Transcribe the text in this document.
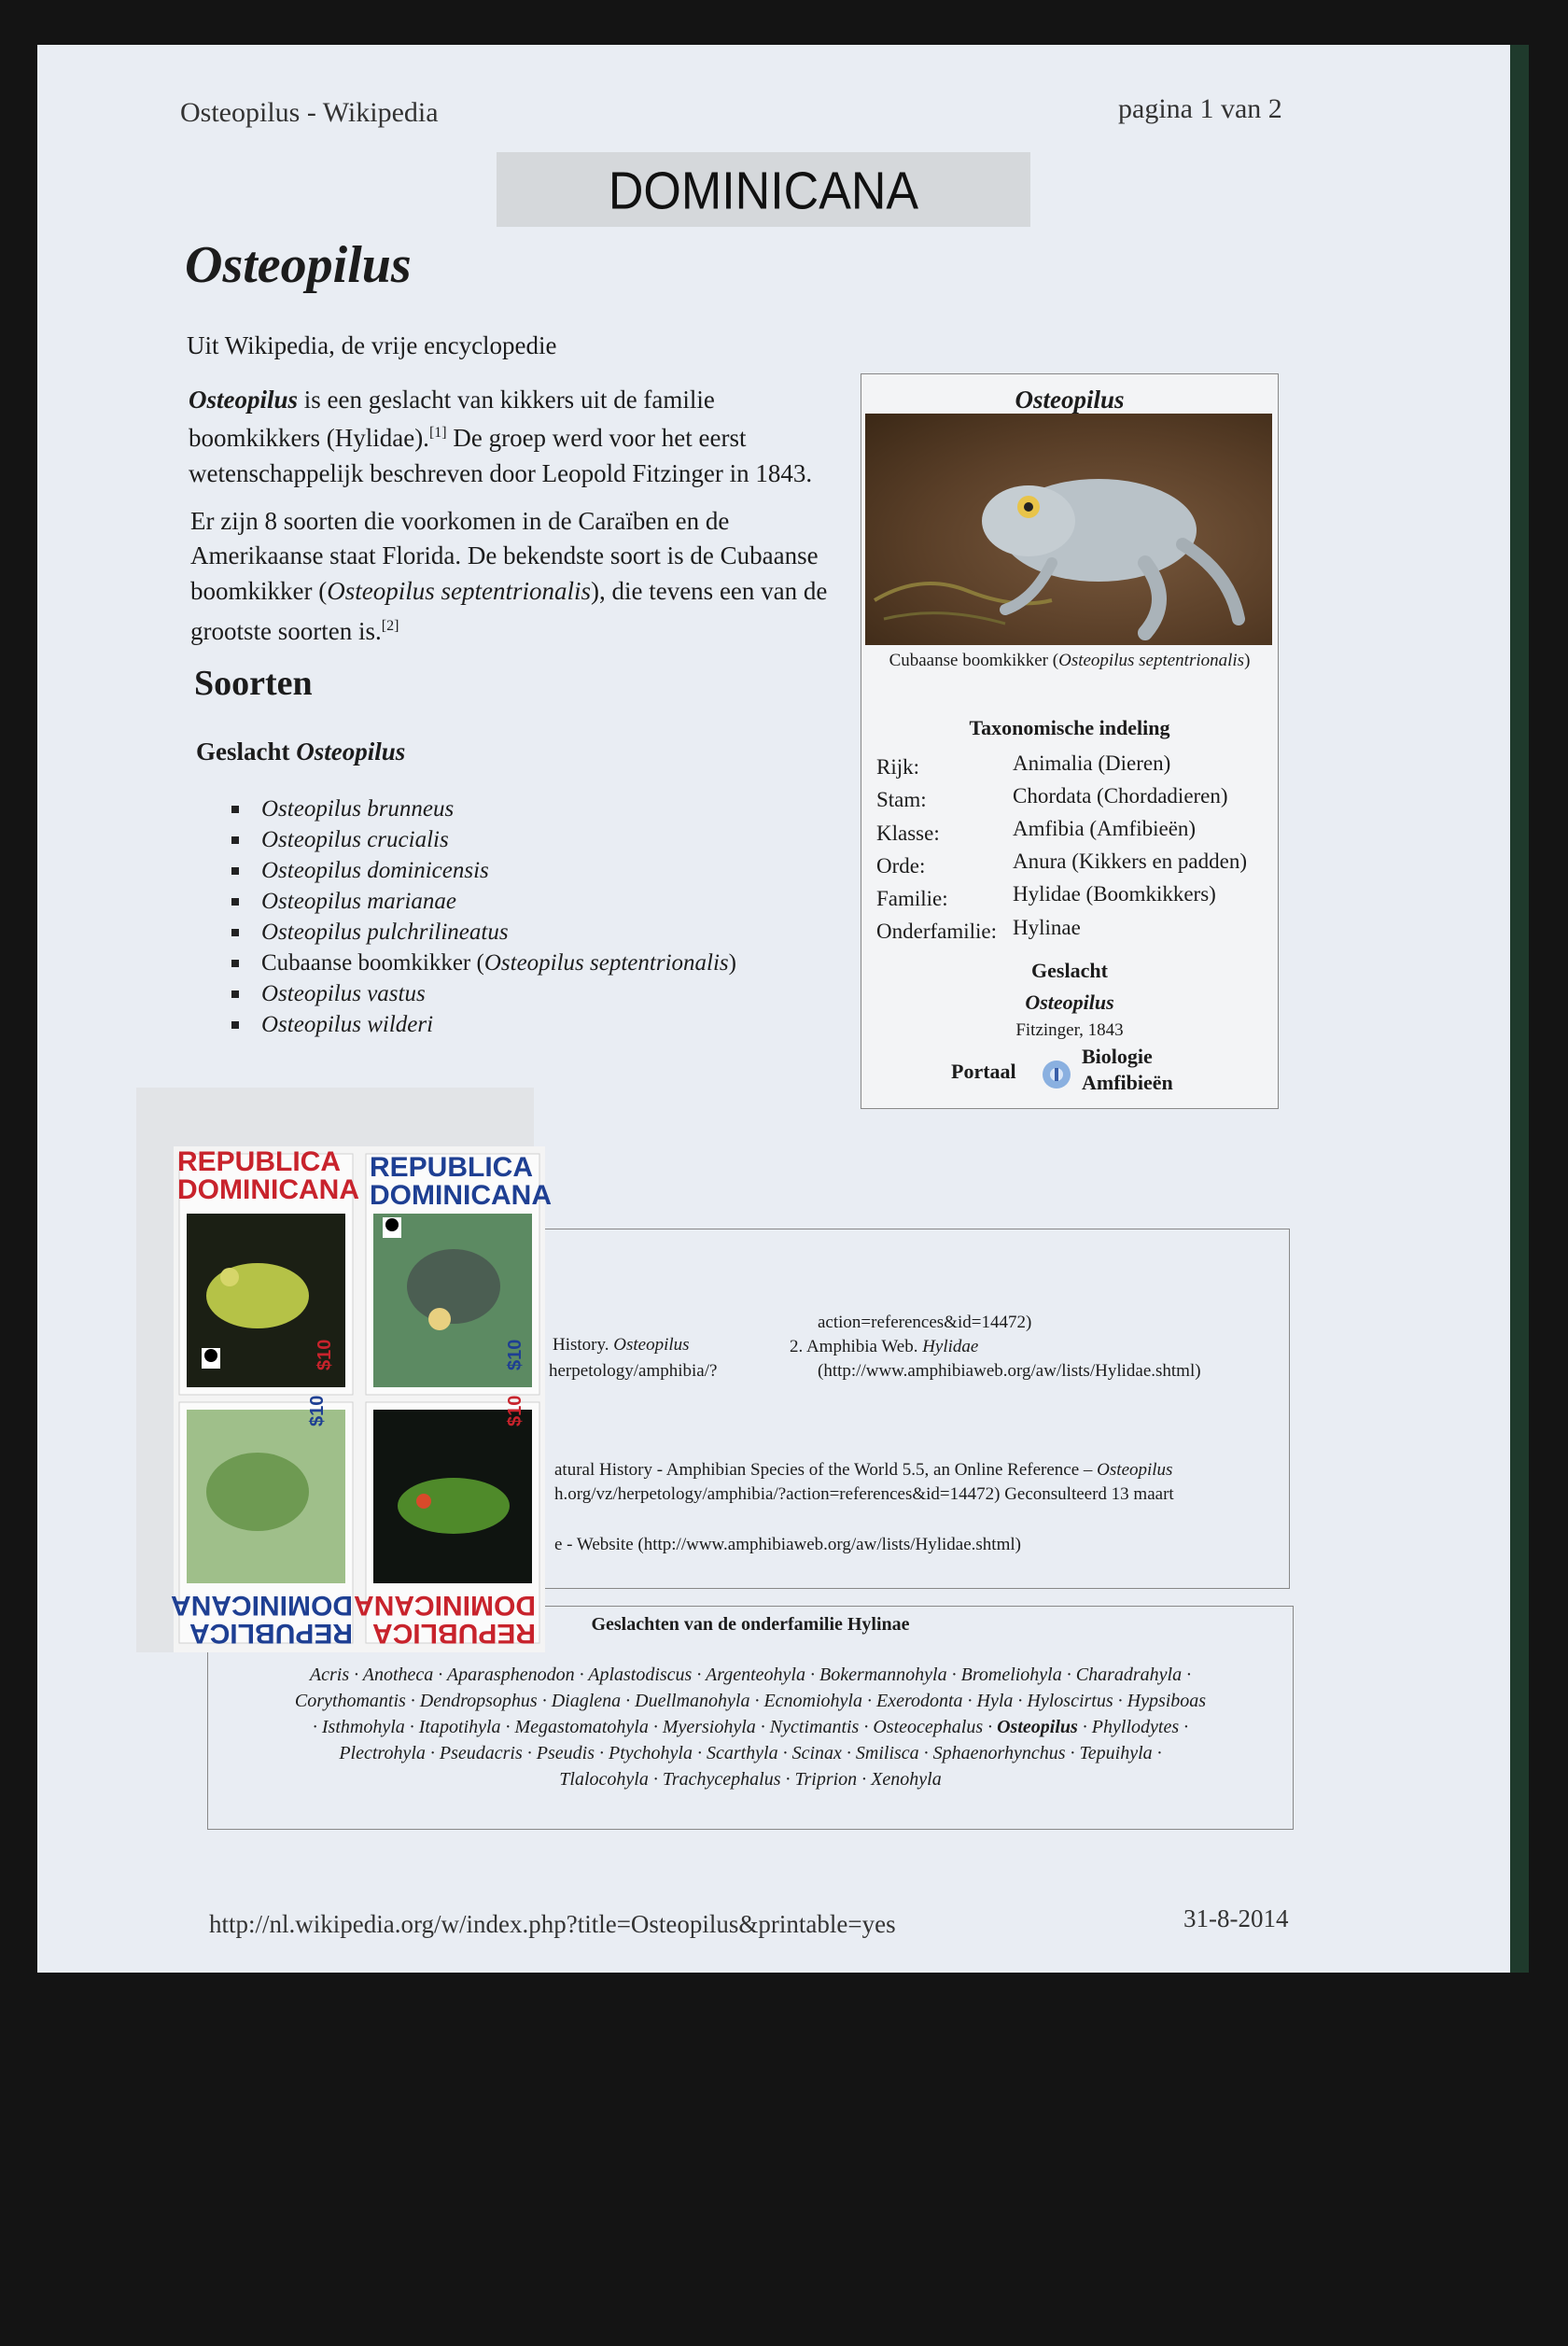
Osteopilus - Wikipedia	pagina 1 van 2
DOMINICANA
Osteopilus
Uit Wikipedia, de vrije encyclopedie
Osteopilus is een geslacht van kikkers uit de familie
boomkikkers (Hylidae).[1] De groep werd voor het eerst
wetenschappelijk beschreven door Leopold Fitzinger in 1843.
Er zijn 8 soorten die voorkomen in de Caraïben en de
Amerikaanse staat Florida. De bekendste soort is de Cubaanse
boomkikker (Osteopilus septentrionalis), die tevens een van de
grootste soorten is.[2]
Soorten
Geslacht Osteopilus
Osteopilus brunneus
Osteopilus crucialis
Osteopilus dominicensis
Osteopilus marianae
Osteopilus pulchrilineatus
Cubaanse boomkikker (Osteopilus septentrionalis)
Osteopilus vastus
Osteopilus wilderi
Osteopilus
Cubaanse boomkikker (Osteopilus septentrionalis)
Taxonomische indeling
Rijk:	Animalia (Dieren)
Stam:	Chordata (Chordadieren)
Klasse:	Amfibia (Amfibieën)
Orde:	Anura (Kikkers en padden)
Familie:	Hylidae (Boomkikkers)
Onderfamilie: Hylinae
Geslacht
Osteopilus
Fitzinger, 1843
Portaal
Biologie
Amfibieën
History. Osteopilus
herpetology/amphibia/?
action=references&id=14472)
2. Amphibia Web. Hylidae
(http://www.amphibiaweb.org/aw/lists/Hylidae.shtml)
atural History - Amphibian Species of the World 5.5, an Online Reference – Osteopilus
h.org/vz/herpetology/amphibia/?action=references&id=14472) Geconsulteerd 13 maart
e - Website (http://www.amphibiaweb.org/aw/lists/Hylidae.shtml)
Geslachten van de onderfamilie Hylinae
Acris · Anotheca · Aparasphenodon · Aplastodiscus · Argenteohyla · Bokermannohyla · Bromeliohyla · Charadrahyla ·
Corythomantis · Dendropsophus · Diaglena · Duellmanohyla · Ecnomiohyla · Exerodonta · Hyla · Hyloscirtus · Hypsiboas
· Isthmohyla · Itapotihyla · Megastomatohyla · Myersiohyla · Nyctimantis · Osteocephalus · Osteopilus · Phyllodytes ·
Plectrohyla · Pseudacris · Pseudis · Ptychohyla · Scarthyla · Scinax · Smilisca · Sphaenorhynchus · Tepuihyla ·
Tlalocohyla · Trachycephalus · Triprion · Xenohyla
$10	$10
$10	$10
REPUBLICA
DOMINICANA
REPUBLICA
DOMINICANA
REPUBLICA
DOMINICANA
REPUBLICA
DOMINICANA
http://nl.wikipedia.org/w/index.php?title=Osteopilus&printable=yes	31-8-2014
